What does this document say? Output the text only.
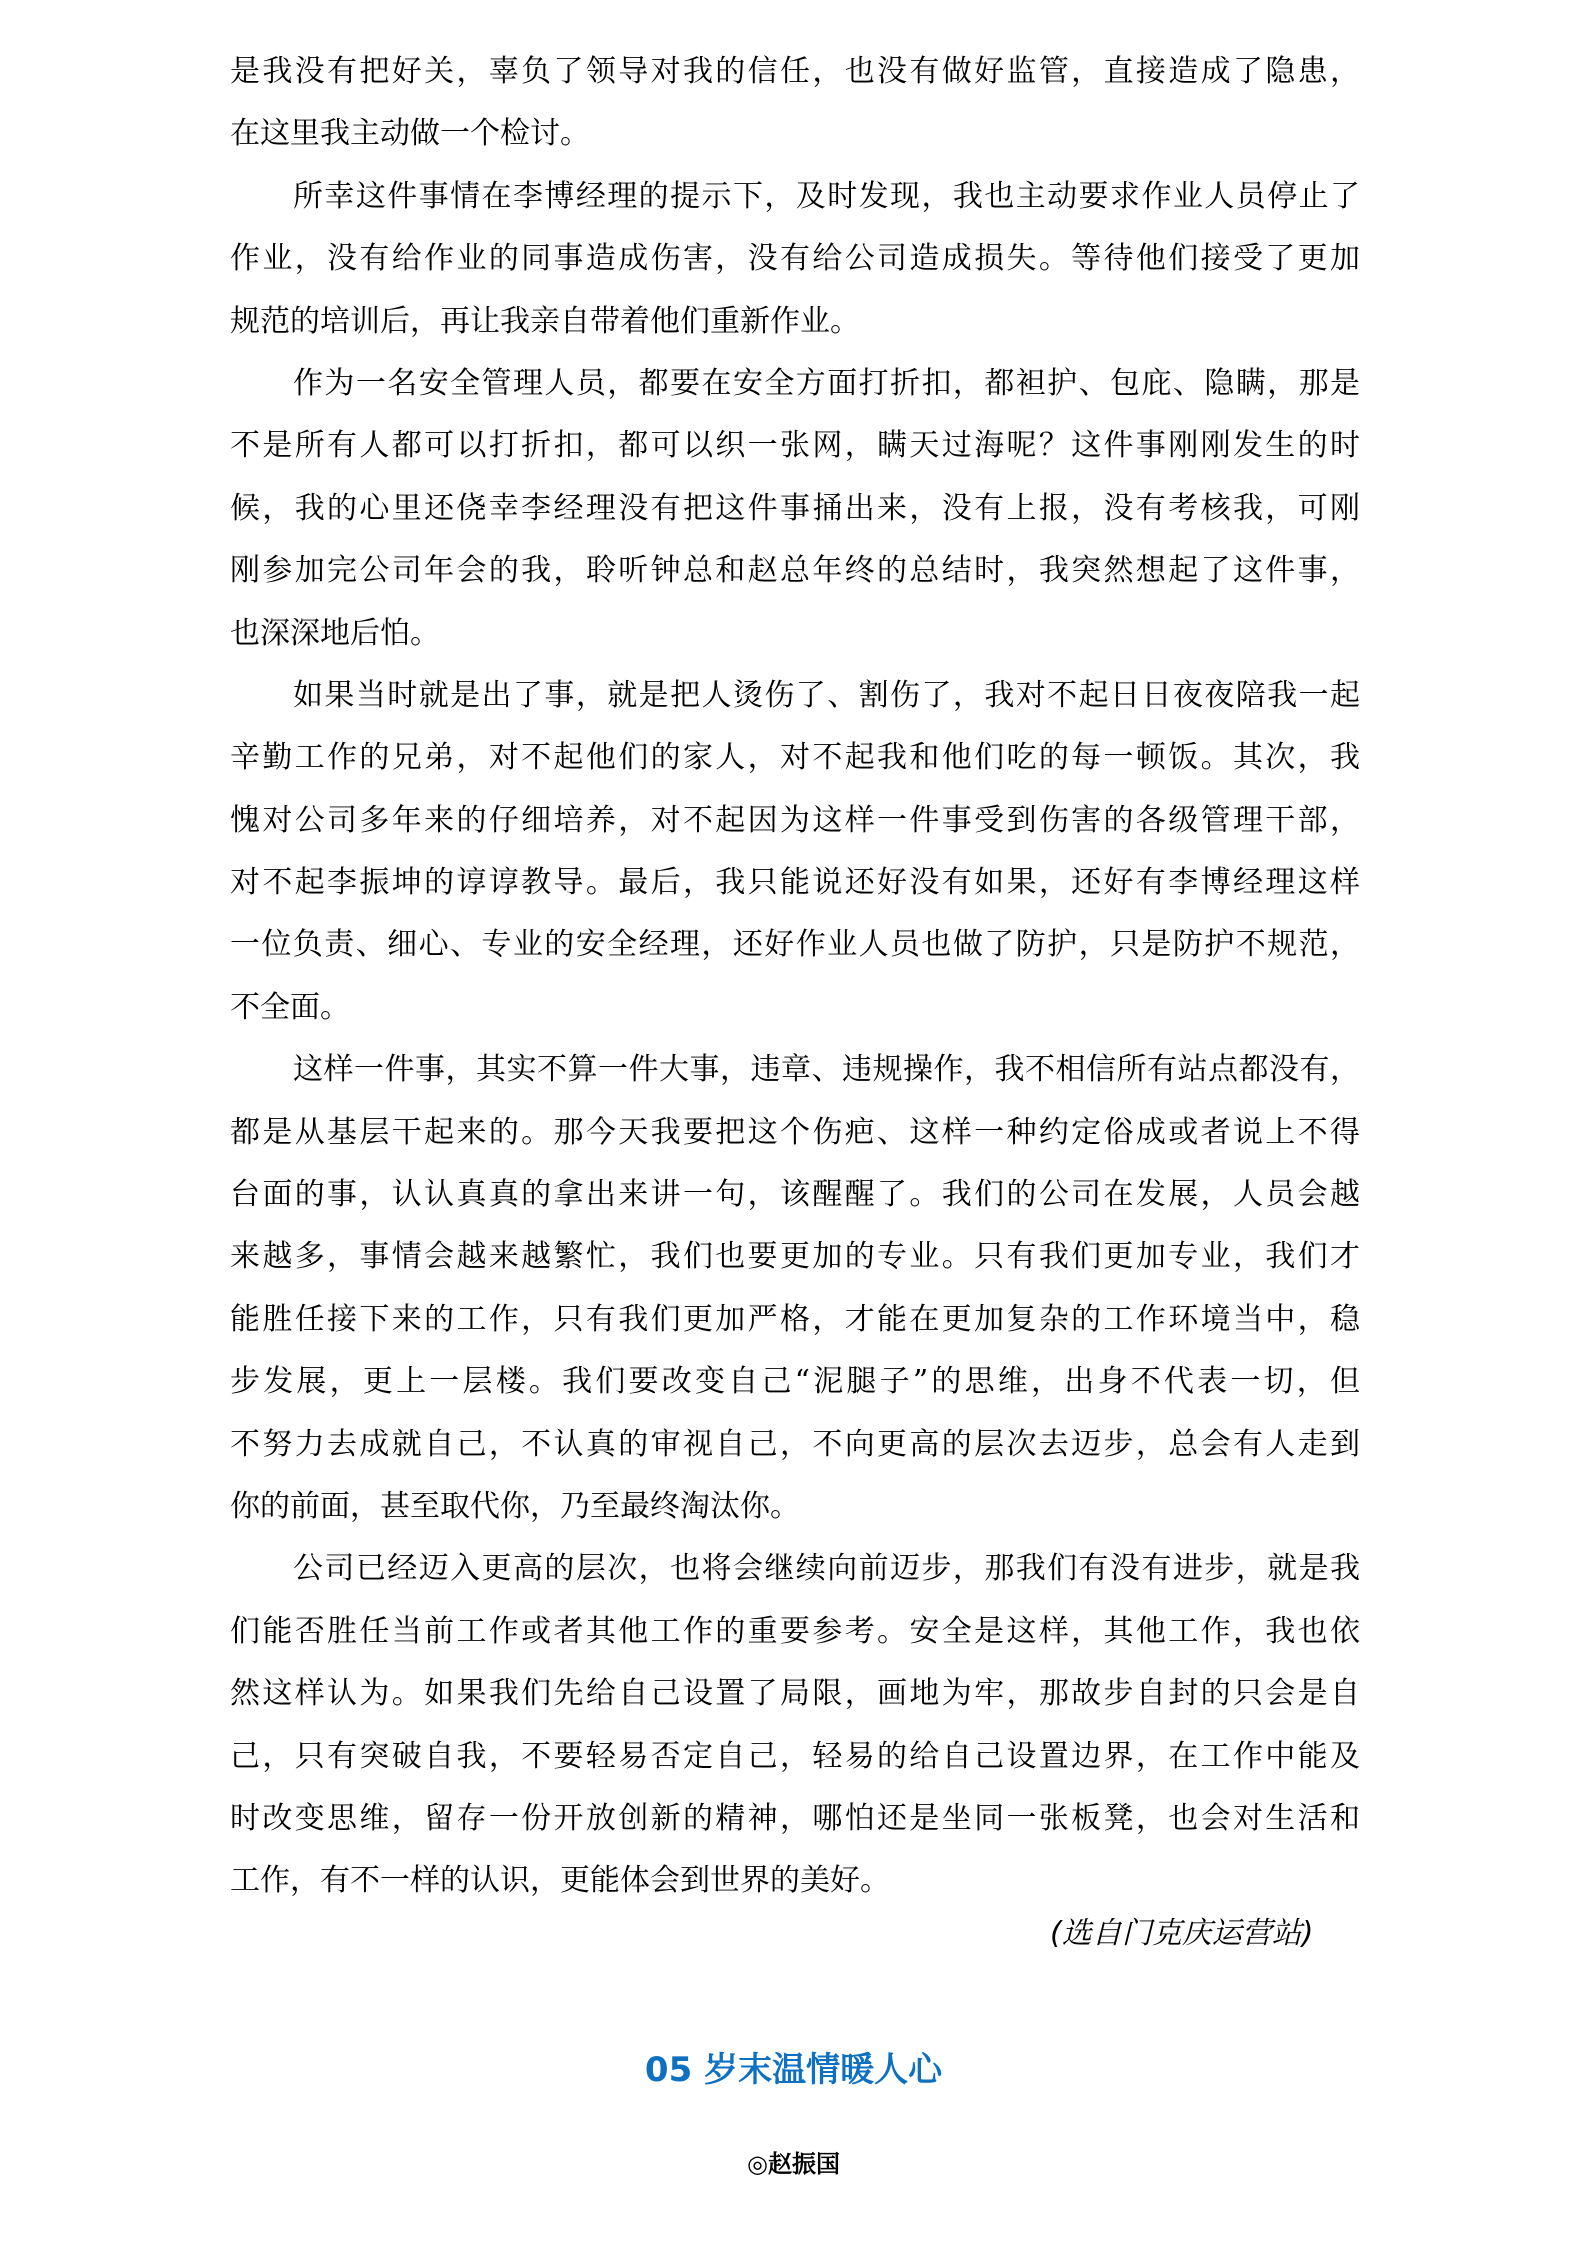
是我没有把好关，辜负了领导对我的信任，也没有做好监管，直接造成了隐患，
在这里我主动做一个检讨。
所幸这件事情在李博经理的提示下，及时发现，我也主动要求作业人员停止了
作业，没有给作业的同事造成伤害，没有给公司造成损失。等待他们接受了更加
规范的培训后，再让我亲自带着他们重新作业。
作为一名安全管理人员，都要在安全方面打折扣，都袒护、包庇、隐瞒，那是
不是所有人都可以打折扣，都可以织一张网，瞒天过海呢？这件事刚刚发生的时
候，我的心里还侥幸李经理没有把这件事捅出来，没有上报，没有考核我，可刚
刚参加完公司年会的我，聆听钟总和赵总年终的总结时，我突然想起了这件事，
也深深地后怕。
如果当时就是出了事，就是把人烫伤了、割伤了，我对不起日日夜夜陪我一起
辛勤工作的兄弟，对不起他们的家人，对不起我和他们吃的每一顿饭。其次，我
愧对公司多年来的仔细培养，对不起因为这样一件事受到伤害的各级管理干部，
对不起李振坤的谆谆教导。最后，我只能说还好没有如果，还好有李博经理这样
一位负责、细心、专业的安全经理，还好作业人员也做了防护，只是防护不规范，
不全面。
这样一件事，其实不算一件大事，违章、违规操作，我不相信所有站点都没有，
都是从基层干起来的。那今天我要把这个伤疤、这样一种约定俗成或者说上不得
台面的事，认认真真的拿出来讲一句，该醒醒了。我们的公司在发展，人员会越
来越多，事情会越来越繁忙，我们也要更加的专业。只有我们更加专业，我们才
能胜任接下来的工作，只有我们更加严格，才能在更加复杂的工作环境当中，稳
步发展，更上一层楼。我们要改变自己“泥腿子”的思维，出身不代表一切，但
不努力去成就自己，不认真的审视自己，不向更高的层次去迈步，总会有人走到
你的前面，甚至取代你，乃至最终淘汰你。
公司已经迈入更高的层次，也将会继续向前迈步，那我们有没有进步，就是我
们能否胜任当前工作或者其他工作的重要参考。安全是这样，其他工作，我也依
然这样认为。如果我们先给自己设置了局限，画地为牢，那故步自封的只会是自
己，只有突破自我，不要轻易否定自己，轻易的给自己设置边界，在工作中能及
时改变思维，留存一份开放创新的精神，哪怕还是坐同一张板凳，也会对生活和
工作，有不一样的认识，更能体会到世界的美好。
(选自门克庆运营站)
05 岁末温情暖人心
◎赵振国
